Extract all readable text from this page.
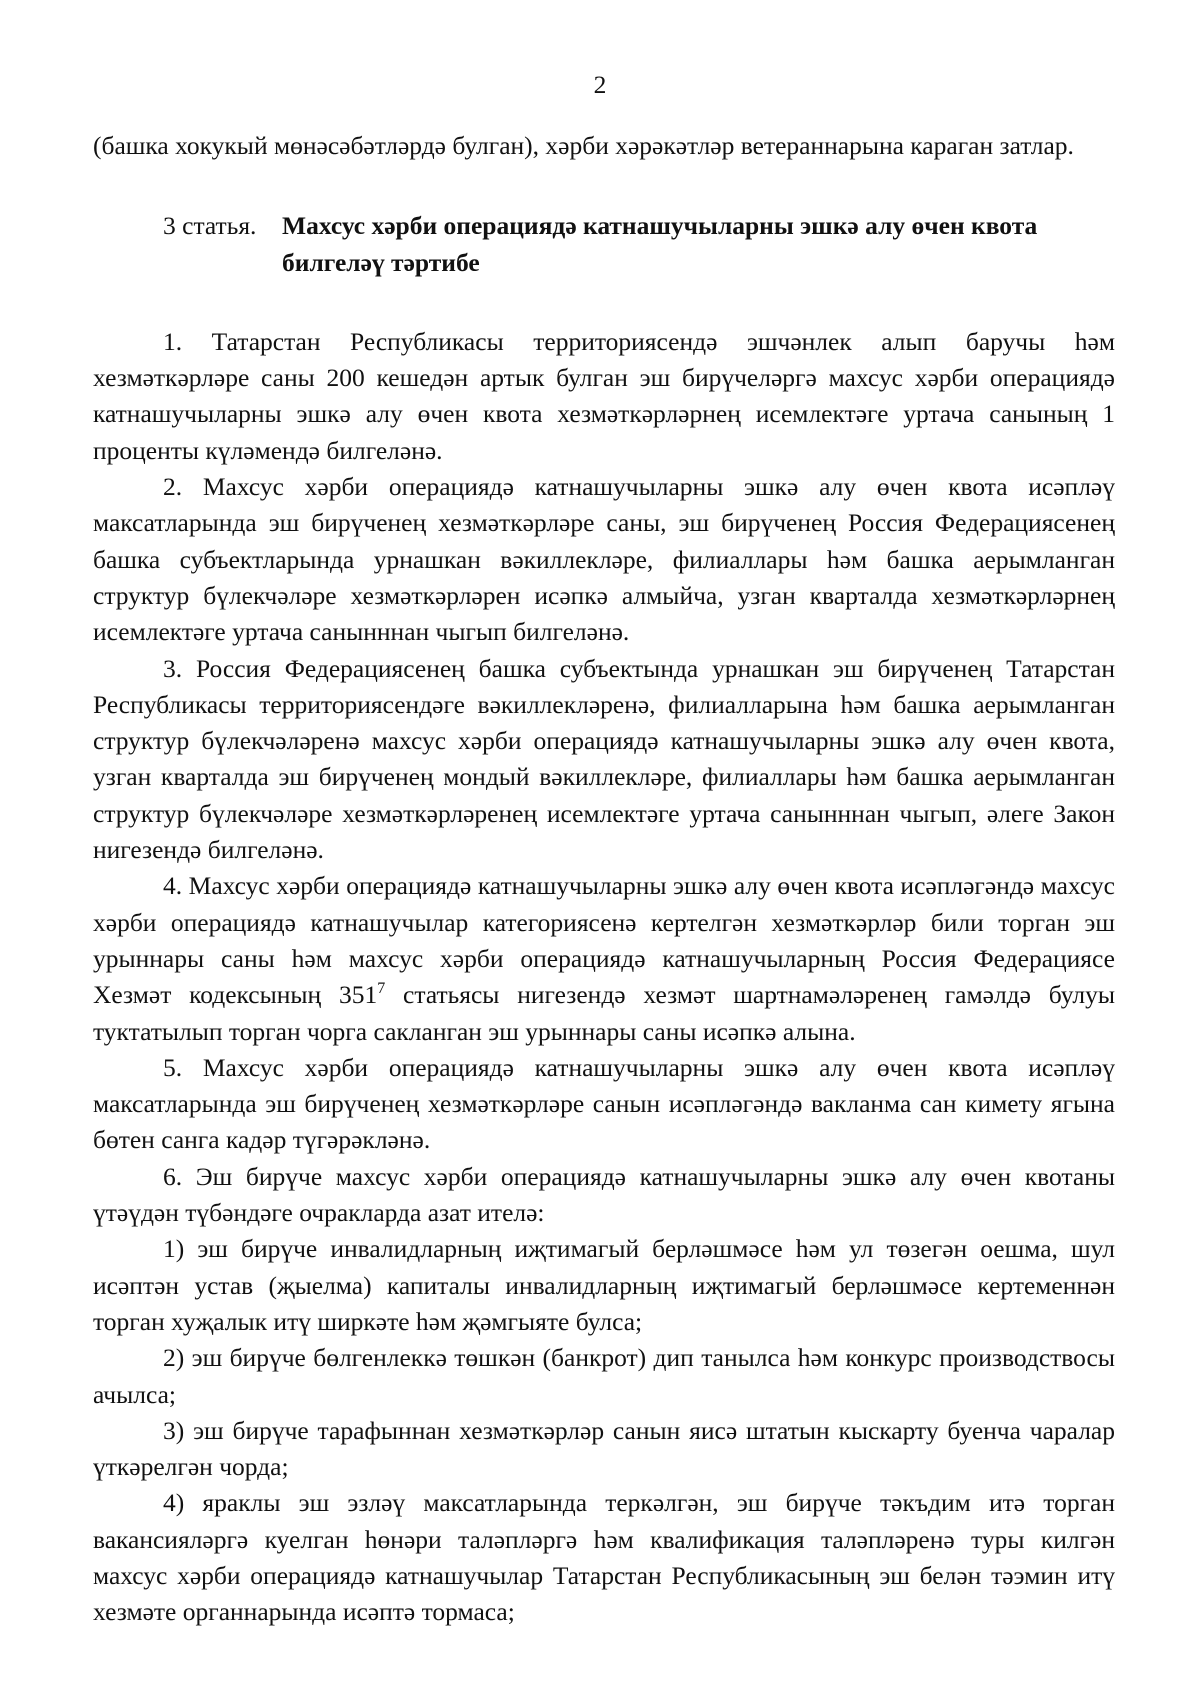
2

(башка хокукый мөнәсәбәтләрдә булган), хәрби хәрәкәтләр ветераннарына караган затлар.

3 статья. Махсус хәрби операциядә катнашучыларны эшкә алу өчен квота билгеләү тәртибе

1. Татарстан Республикасы территориясендә эшчәнлек алып баручы һәм хезмәткәрләре саны 200 кешедән артык булган эш бирүчеләргә махсус хәрби операциядә катнашучыларны эшкә алу өчен квота хезмәткәрләрнең исемлектәге уртача санының 1 проценты күләмендә билгеләнә.

2. Махсус хәрби операциядә катнашучыларны эшкә алу өчен квота исәпләү максатларында эш бирүченең хезмәткәрләре саны, эш бирүченең Россия Федерациясенең башка субъектларында урнашкан вәкиллекләре, филиаллары һәм башка аерымланган структур бүлекчәләре хезмәткәрләрен исәпкә алмыйча, узган кварталда хезмәткәрләрнең исемлектәге уртача санынннан чыгып билгеләнә.

3. Россия Федерациясенең башка субъектында урнашкан эш бирүченең Татарстан Республикасы территориясендәге вәкиллекләренә, филиалларына һәм башка аерымланган структур бүлекчәләренә махсус хәрби операциядә катнашучыларны эшкә алу өчен квота, узган кварталда эш бирүченең мондый вәкиллекләре, филиаллары һәм башка аерымланган структур бүлекчәләре хезмәткәрләренең исемлектәге уртача санынннан чыгып, әлеге Закон нигезендә билгеләнә.

4. Махсус хәрби операциядә катнашучыларны эшкә алу өчен квота исәпләгәндә махсус хәрби операциядә катнашучылар категориясенә кертелгән хезмәткәрләр били торган эш урыннары саны һәм махсус хәрби операциядә катнашучыларның Россия Федерациясе Хезмәт кодексының $351^7$ статьясы нигезендә хезмәт шартнамәләренең гамәлдә булуы туктатылып торган чорга сакланган эш урыннары саны исәпкә алына.

5. Махсус хәрби операциядә катнашучыларны эшкә алу өчен квота исәпләү максатларында эш бирүченең хезмәткәрләре санын исәпләгәндә вакланма сан кимету ягына бөтен санга кадәр түгәрәкләнә.

6. Эш бирүче махсус хәрби операциядә катнашучыларны эшкә алу өчен квотаны үтәүдән түбәндәге очракларда азат ителә:

1) эш бирүче инвалидларның иҗтимагый берләшмәсе һәм ул төзегән оешма, шул исәптән устав (җыелма) капиталы инвалидларның иҗтимагый берләшмәсе кертеменнән торган хуҗалык итү ширкәте һәм җәмгыяте булса;

2) эш бирүче бөлгенлеккә төшкән (банкрот) дип танылса һәм конкурс производствосы ачылса;

3) эш бирүче тарафыннан хезмәткәрләр санын яисә штатын кыскарту буенча чаралар үткәрелгән чорда;

4) яраклы эш эзләү максатларында теркәлгән, эш бирүче тәкъдим итә торган вакансияләргә куелган һөнәри таләпләргә һәм квалификация таләпләренә туры килгән махсус хәрби операциядә катнашучылар Татарстан Республикасының эш белән тәэмин итү хезмәте органнарында исәптә тормаса;
